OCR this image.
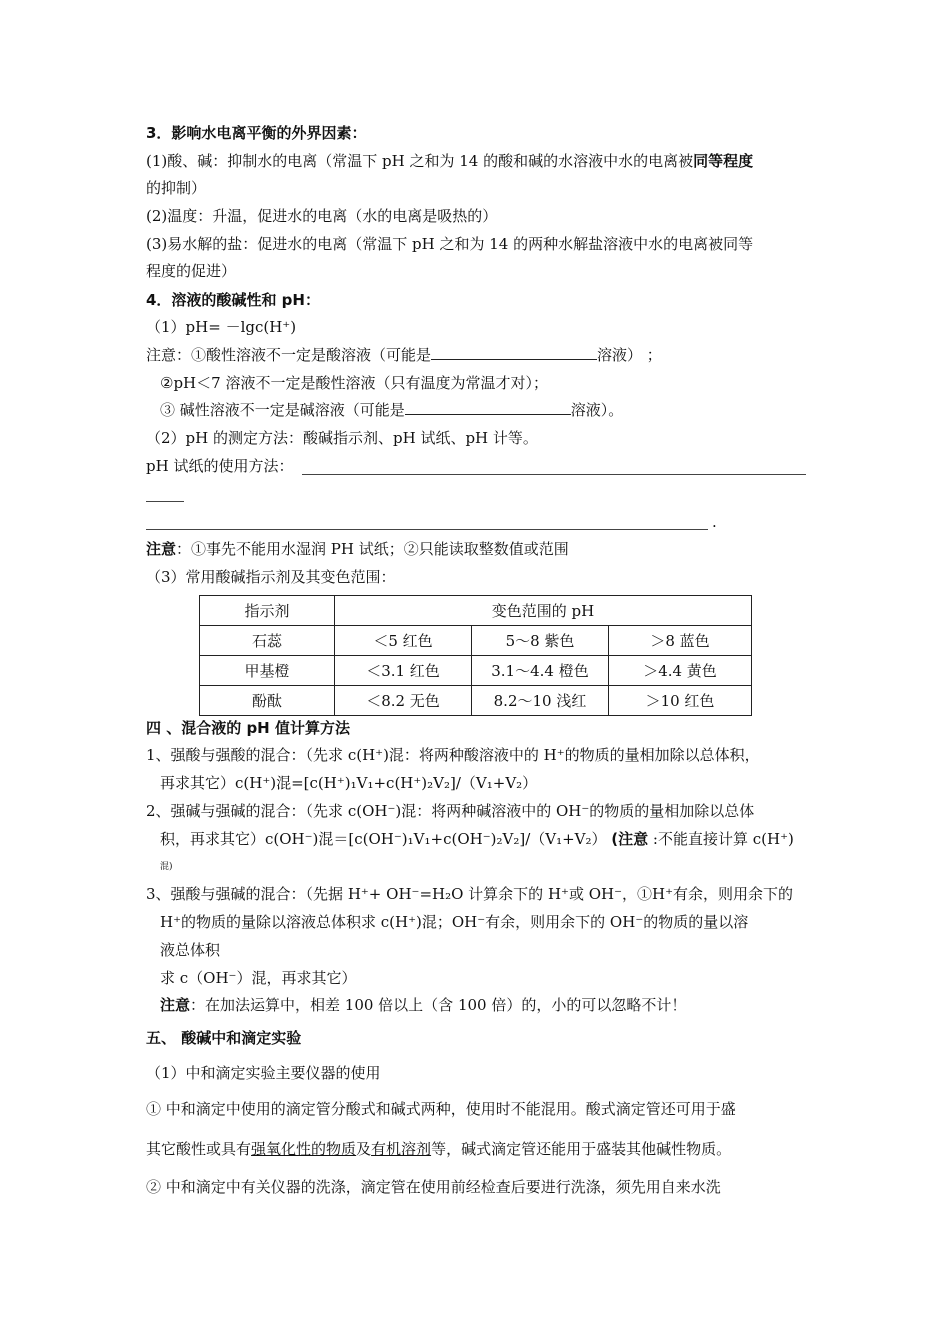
3．影响水电离平衡的外界因素：
(1)酸、碱：抑制水的电离（常温下 pH 之和为 14 的酸和碱的水溶液中水的电离被同等程度
的抑制）
(2)温度：升温，促进水的电离（水的电离是吸热的）
(3)易水解的盐：促进水的电离（常温下 pH 之和为 14 的两种水解盐溶液中水的电离被同等
程度的促进）
4．溶液的酸碱性和 pH：
（1）pH= －lgc(H⁺)
注意：①酸性溶液不一定是酸溶液（可能是	溶液） ；
②pH＜7 溶液不一定是酸性溶液（只有温度为常温才对）；
③ 碱性溶液不一定是碱溶液（可能是	溶液）。
（2）pH 的测定方法：酸碱指示剂、pH 试纸、pH 计等。
pH 试纸的使用方法：
.
注意：①事先不能用水湿润 PH 试纸；②只能读取整数值或范围
（3）常用酸碱指示剂及其变色范围：
指示剂	变色范围的 pH		
石蕊	＜5 红色	5～8 紫色	＞8 蓝色
甲基橙	＜3.1 红色	3.1～4.4 橙色	＞4.4 黄色
酚酞	＜8.2 无色	8.2～10 浅红	＞10 红色
四 、混合液的 pH 值计算方法
1、强酸与强酸的混合：（先求 c(H⁺)混：将两种酸溶液中的 H⁺的物质的量相加除以总体积，
再求其它）c(H⁺)混=[c(H⁺)₁V₁+c(H⁺)₂V₂]/（V₁+V₂）
2、强碱与强碱的混合：（先求 c(OH⁻)混：将两种碱溶液中的 OH⁻的物质的量相加除以总体
积，再求其它）c(OH⁻)混＝[c(OH⁻)₁V₁+c(OH⁻)₂V₂]/（V₁+V₂） (注意 :不能直接计算 c(H⁺)
混)
3、强酸与强碱的混合：（先据 H⁺+ OH⁻=H₂O 计算余下的 H⁺或 OH⁻，①H⁺有余，则用余下的
H⁺的物质的量除以溶液总体积求 c(H⁺)混；OH⁻有余，则用余下的 OH⁻的物质的量以溶
液总体积
求 c（OH⁻）混，再求其它）
注意：在加法运算中，相差 100 倍以上（含 100 倍）的，小的可以忽略不计！
五、 酸碱中和滴定实验
（1）中和滴定实验主要仪器的使用
① 中和滴定中使用的滴定管分酸式和碱式两种，使用时不能混用。酸式滴定管还可用于盛
其它酸性或具有强氧化性的物质及有机溶剂等，碱式滴定管还能用于盛装其他碱性物质。
② 中和滴定中有关仪器的洗涤，滴定管在使用前经检查后要进行洗涤，须先用自来水洗
